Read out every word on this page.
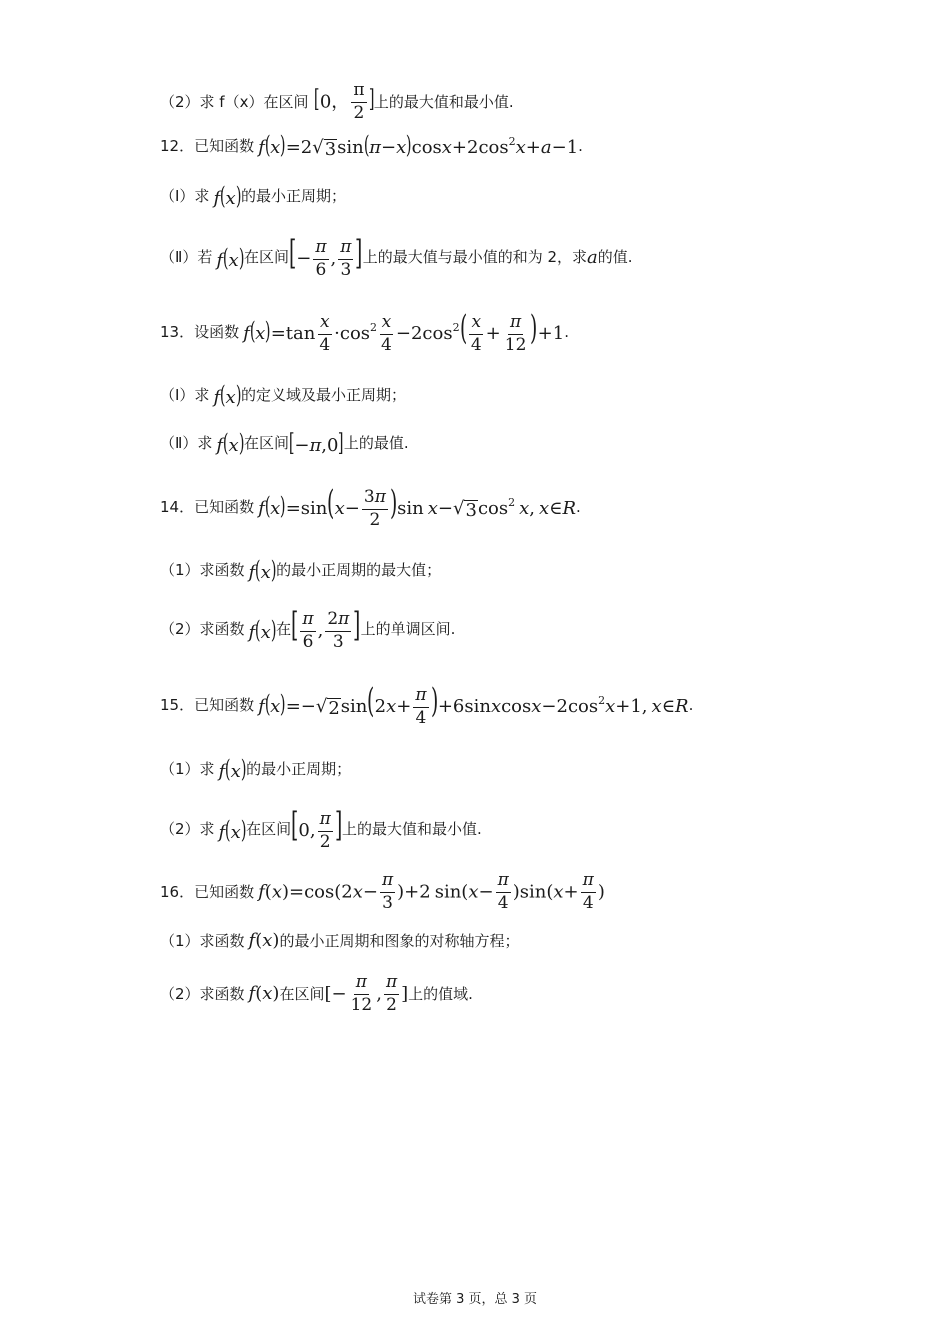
（2）求 f（x）在区间 [0， $\frac{\pi}{2}$ ] 上的最大值和最小值.
12． 已知函数 f(x)=2 √ 3 $\sin(\pi-x)\cos x+2\cos^2x+a-1$ .
（Ⅰ）求 f(x) 的最小正周期；
（Ⅱ）若 f(x) 在区间 [− $\frac{\pi}{6}$ , $\frac{\pi}{3}$ ] 上的最大值与最小值的和为 2，求 a 的值.
13． 设函数 $f(x)=\tan \frac{x}{4} \cdot\cos^2 \frac{x}{4} -2\cos^2( \frac{x}{4} + \frac{\pi}{12} )+1$ .
（Ⅰ）求 f(x) 的定义域及最小正周期；
（Ⅱ）求 f(x) 在区间 [−π,0] 上的最值.
14． 已知函数 $f(x)=\sin(x- \frac{3\pi}{2} )\sin$ x− √ 3 $\cos^2 x$, x∈R .
（1）求函数 f(x) 的最小正周期的最大值；
（2）求函数 f(x) 在 [ $\frac{\pi}{6}$ , $\frac{2\pi}{3}$ ] 上的单调区间.
15． 已知函数 f(x)=− √ 2 $\sin(2x+ \frac{\pi}{4}$ )$+6sinxcosx-2\cos^2x+1$, x∈R .
（1）求 f(x) 的最小正周期；
（2）求 f(x) 在区间 [0, $\frac{\pi}{2}$ ] 上的最大值和最小值.
16． 已知函数 $f(x)=\cos(2x- \frac{\pi}{3} )+2$ $\sin(x- \frac{\pi}{4} )\sin(x+ \frac{\pi}{4}$ )
（1）求函数 f(x) 的最小正周期和图象的对称轴方程；
（2）求函数 f(x) 在区间 [− $\frac{\pi}{12}$ , $\frac{\pi}{2}$ ] 上的值域.
试卷第 3 页，总 3 页
